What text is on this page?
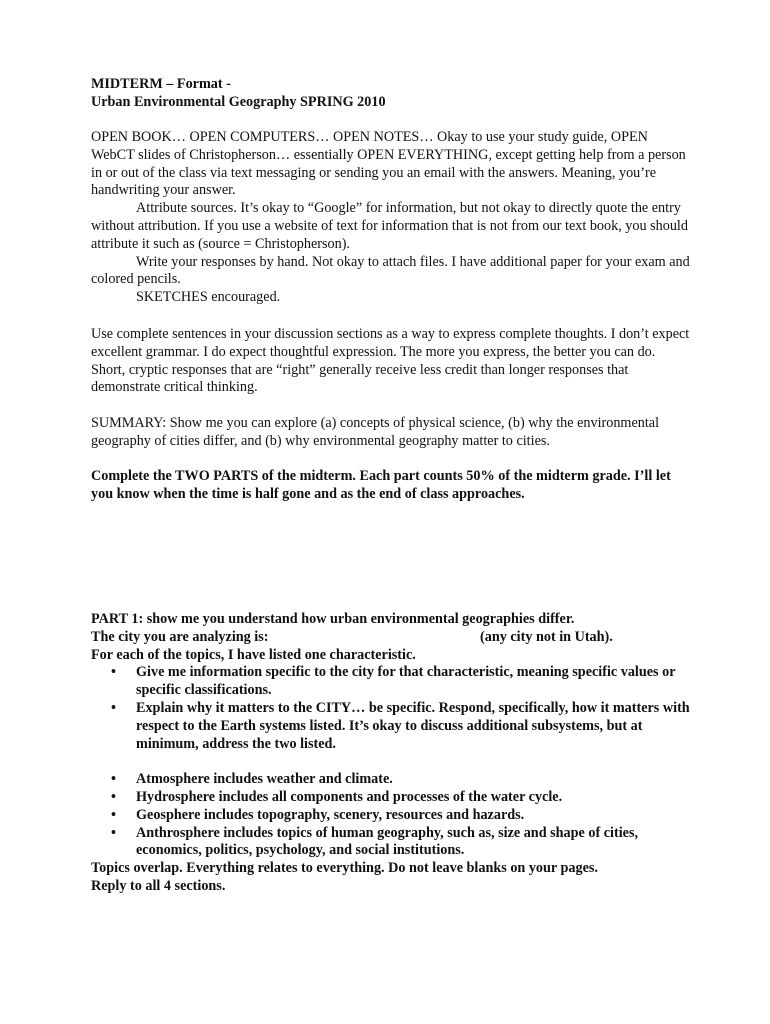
MIDTERM – Format -

Urban Environmental Geography SPRING 2010

OPEN BOOK… OPEN COMPUTERS… OPEN NOTES… Okay to use your study guide, OPEN WebCT slides of Christopherson… essentially OPEN EVERYTHING, except getting help from a person in or out of the class via text messaging or sending you an email with the answers. Meaning, you’re handwriting your answer.

Attribute sources. It’s okay to “Google” for information, but not okay to directly quote the entry without attribution. If you use a website of text for information that is not from our text book, you should attribute it such as (source = Christopherson).

Write your responses by hand. Not okay to attach files. I have additional paper for your exam and colored pencils.

SKETCHES encouraged.

Use complete sentences in your discussion sections as a way to express complete thoughts. I don’t expect excellent grammar. I do expect thoughtful expression. The more you express, the better you can do. Short, cryptic responses that are “right” generally receive less credit than longer responses that demonstrate critical thinking.

SUMMARY: Show me you can explore (a) concepts of physical science, (b) why the environmental geography of cities differ, and (b) why environmental geography matter to cities.

Complete the TWO PARTS of the midterm. Each part counts 50% of the midterm grade. I’ll let you know when the time is half gone and as the end of class approaches.

PART 1: show me you understand how urban environmental geographies differ.

The city you are analyzing is:	(any city not in Utah).

For each of the topics, I have listed one characteristic.

• Give me information specific to the city for that characteristic, meaning specific values or specific classifications.
• Explain why it matters to the CITY… be specific. Respond, specifically, how it matters with respect to the Earth systems listed. It’s okay to discuss additional subsystems, but at minimum, address the two listed.
• Atmosphere includes weather and climate.
• Hydrosphere includes all components and processes of the water cycle.
• Geosphere includes topography, scenery, resources and hazards.
• Anthrosphere includes topics of human geography, such as, size and shape of cities, economics, politics, psychology, and social institutions.

Topics overlap. Everything relates to everything. Do not leave blanks on your pages.

Reply to all 4 sections.
